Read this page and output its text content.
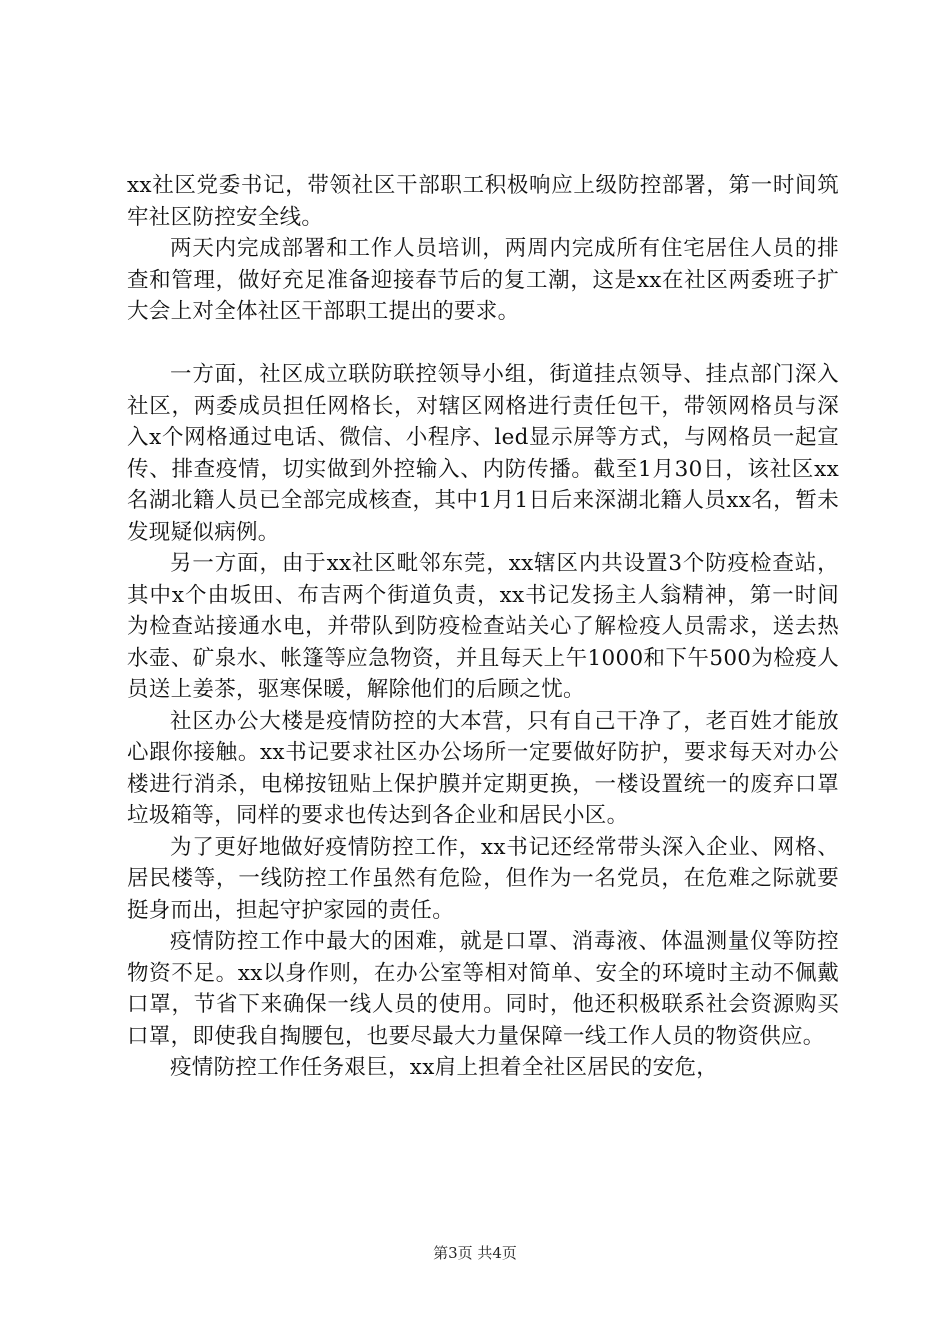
xx社区党委书记，带领社区干部职工积极响应上级防控部署，第一时间筑牢社区防控安全线。

两天内完成部署和工作人员培训，两周内完成所有住宅居住人员的排查和管理，做好充足准备迎接春节后的复工潮，这是xx在社区两委班子扩大会上对全体社区干部职工提出的要求。

一方面，社区成立联防联控领导小组，街道挂点领导、挂点部门深入社区，两委成员担任网格长，对辖区网格进行责任包干，带领网格员与深入x个网格通过电话、微信、小程序、led显示屏等方式，与网格员一起宣传、排查疫情，切实做到外控输入、内防传播。截至1月30日，该社区xx名湖北籍人员已全部完成核查，其中1月1日后来深湖北籍人员xx名，暂未发现疑似病例。

另一方面，由于xx社区毗邻东莞，xx辖区内共设置3个防疫检查站，其中x个由坂田、布吉两个街道负责，xx书记发扬主人翁精神，第一时间为检查站接通水电，并带队到防疫检查站关心了解检疫人员需求，送去热水壶、矿泉水、帐篷等应急物资，并且每天上午1000和下午500为检疫人员送上姜茶，驱寒保暖，解除他们的后顾之忧。

社区办公大楼是疫情防控的大本营，只有自己干净了，老百姓才能放心跟你接触。xx书记要求社区办公场所一定要做好防护，要求每天对办公楼进行消杀，电梯按钮贴上保护膜并定期更换，一楼设置统一的废弃口罩垃圾箱等，同样的要求也传达到各企业和居民小区。

为了更好地做好疫情防控工作，xx书记还经常带头深入企业、网格、居民楼等，一线防控工作虽然有危险，但作为一名党员，在危难之际就要挺身而出，担起守护家园的责任。

疫情防控工作中最大的困难，就是口罩、消毒液、体温测量仪等防控物资不足。xx以身作则，在办公室等相对简单、安全的环境时主动不佩戴口罩，节省下来确保一线人员的使用。同时，他还积极联系社会资源购买口罩，即使我自掏腰包，也要尽最大力量保障一线工作人员的物资供应。

疫情防控工作任务艰巨，xx肩上担着全社区居民的安危，

第3页 共4页
